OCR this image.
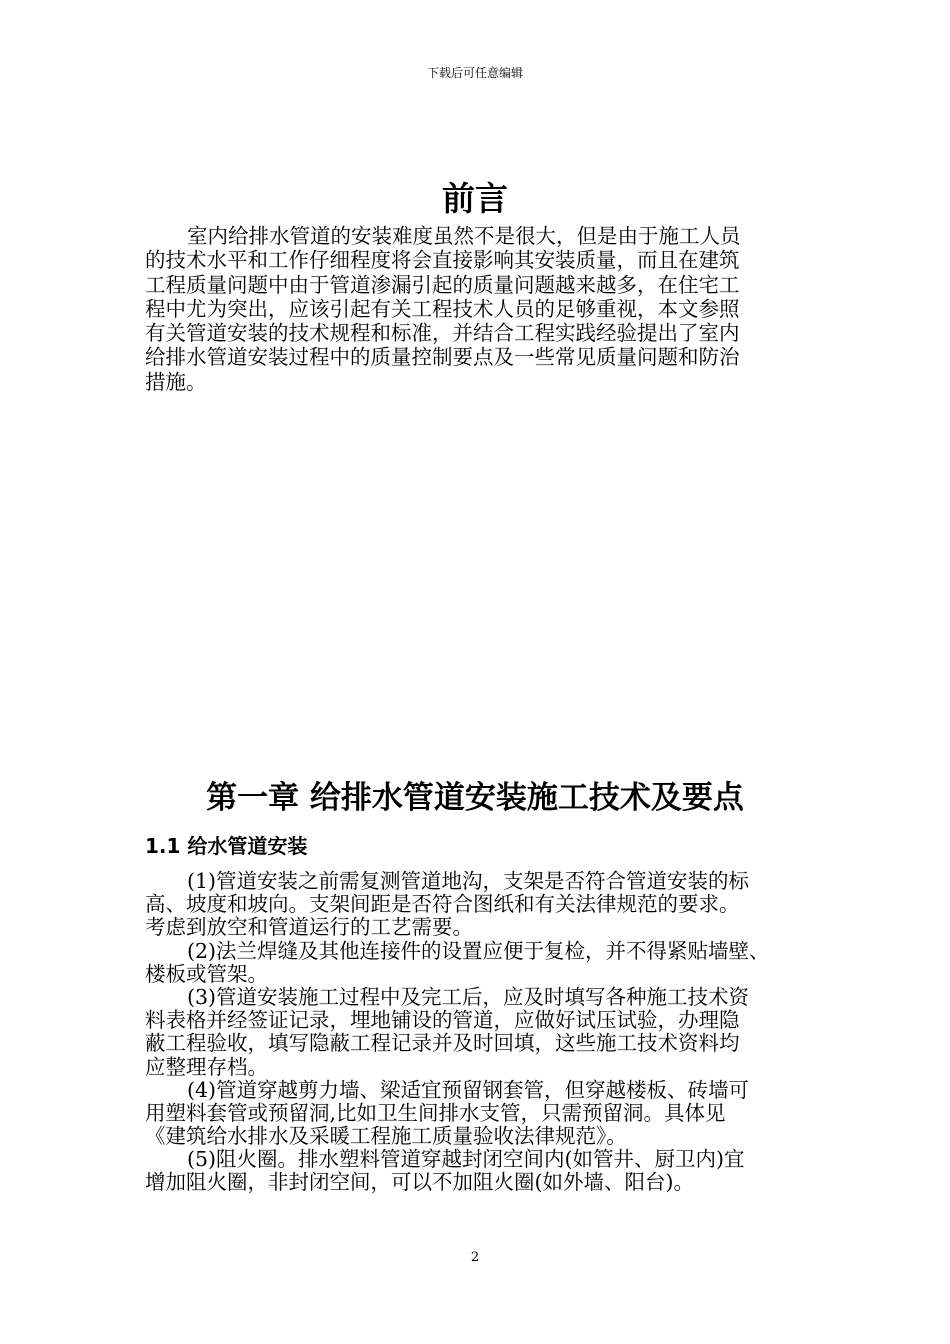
下载后可任意编辑
前言
室内给排水管道的安装难度虽然不是很大，但是由于施工人员
的技术水平和工作仔细程度将会直接影响其安装质量，而且在建筑
工程质量问题中由于管道渗漏引起的质量问题越来越多，在住宅工
程中尤为突出，应该引起有关工程技术人员的足够重视，本文参照
有关管道安装的技术规程和标准，并结合工程实践经验提出了室内
给排水管道安装过程中的质量控制要点及一些常见质量问题和防治
措施。
第一章 给排水管道安装施工技术及要点
1.1 给水管道安装
(1)管道安装之前需复测管道地沟，支架是否符合管道安装的标
高、坡度和坡向。支架间距是否符合图纸和有关法律规范的要求。
考虑到放空和管道运行的工艺需要。
(2)法兰焊缝及其他连接件的设置应便于复检，并不得紧贴墙壁、
楼板或管架。
(3)管道安装施工过程中及完工后，应及时填写各种施工技术资
料表格并经签证记录，埋地铺设的管道，应做好试压试验，办理隐
蔽工程验收，填写隐蔽工程记录并及时回填，这些施工技术资料均
应整理存档。
(4)管道穿越剪力墙、梁适宜预留钢套管，但穿越楼板、砖墙可
用塑料套管或预留洞,比如卫生间排水支管，只需预留洞。具体见
《建筑给水排水及采暖工程施工质量验收法律规范》。
(5)阻火圈。排水塑料管道穿越封闭空间内(如管井、厨卫内)宜
增加阻火圈，非封闭空间，可以不加阻火圈(如外墙、阳台)。
2
